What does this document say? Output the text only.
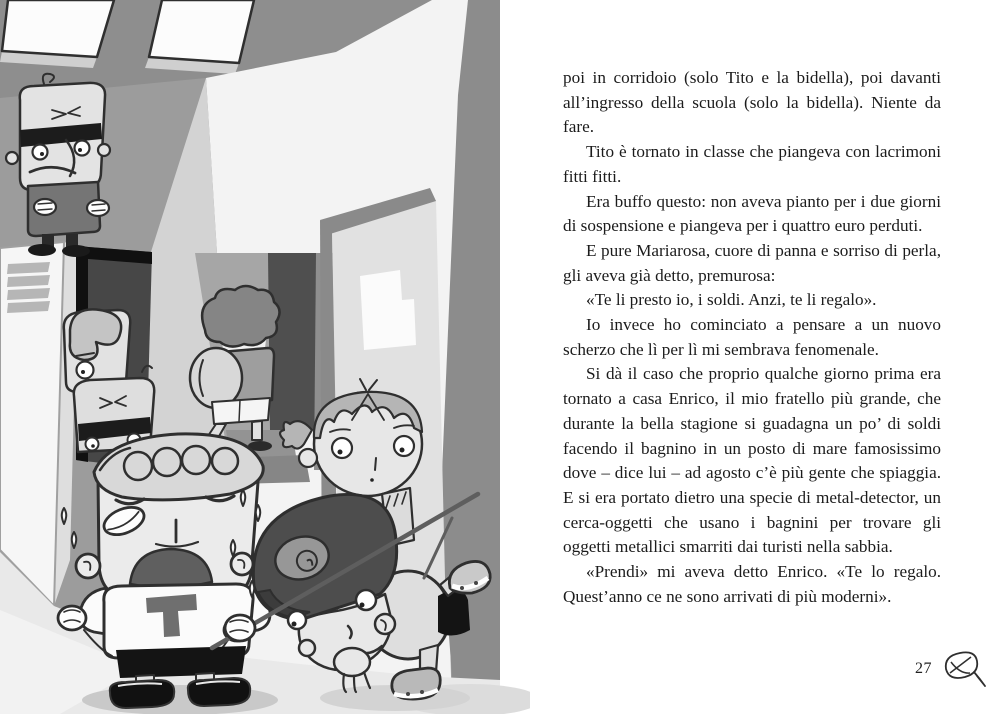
poi in corridoio (solo Tito e la bidella), poi davanti all’ingresso della scuola (solo la bidella). Niente da fare.

Tito è tornato in classe che piangeva con lacrimoni fitti fitti.

Era buffo questo: non aveva pianto per i due giorni di sospensione e piangeva per i quattro euro perduti.

E pure Mariarosa, cuore di panna e sorriso di perla, gli aveva già detto, premurosa:

«Te li presto io, i soldi. Anzi, te li regalo».

Io invece ho cominciato a pensare a un nuovo scherzo che lì per lì mi sembrava fenomenale.

Si dà il caso che proprio qualche giorno prima era tornato a casa Enrico, il mio fratello più grande, che durante la bella stagione si guadagna un po’ di soldi facendo il bagnino in un posto di mare famosissimo dove – dice lui – ad agosto c’è più gente che spiaggia. E si era portato dietro una specie di metal-detector, un cerca-oggetti che usano i bagnini per trovare gli oggetti metallici smarriti dai turisti nella sabbia.

«Prendi» mi aveva detto Enrico. «Te lo regalo. Quest’anno ce ne sono arrivati di più moderni».

27
